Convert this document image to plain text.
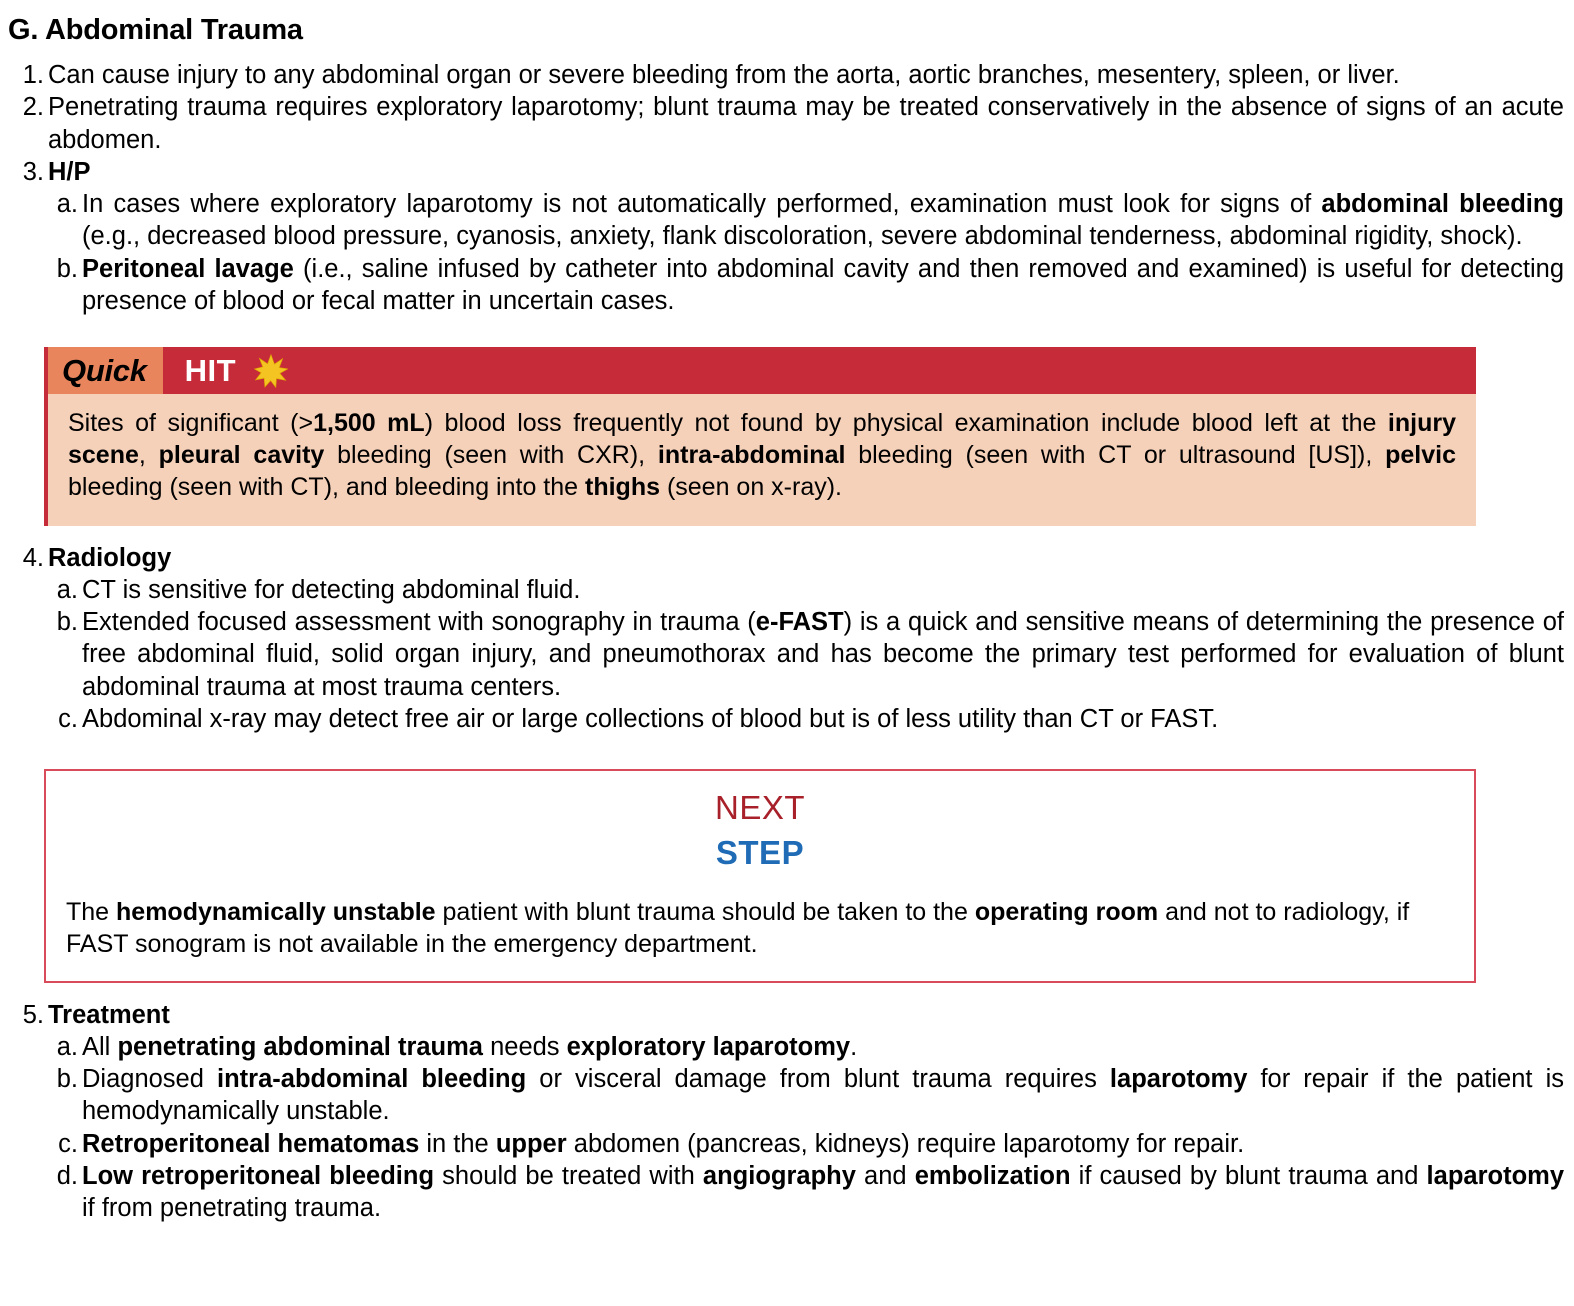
G. Abdominal Trauma
1. Can cause injury to any abdominal organ or severe bleeding from the aorta, aortic branches, mesentery, spleen, or liver.
2. Penetrating trauma requires exploratory laparotomy; blunt trauma may be treated conservatively in the absence of signs of an acute abdomen.
3. H/P
a. In cases where exploratory laparotomy is not automatically performed, examination must look for signs of abdominal bleeding (e.g., decreased blood pressure, cyanosis, anxiety, flank discoloration, severe abdominal tenderness, abdominal rigidity, shock).
b. Peritoneal lavage (i.e., saline infused by catheter into abdominal cavity and then removed and examined) is useful for detecting presence of blood or fecal matter in uncertain cases.
Quick	HIT
Sites of significant (>1,500 mL) blood loss frequently not found by physical examination include blood left at the injury scene, pleural cavity bleeding (seen with CXR), intra-abdominal bleeding (seen with CT or ultrasound [US]), pelvic bleeding (seen with CT), and bleeding into the thighs (seen on x-ray).
4. Radiology
a. CT is sensitive for detecting abdominal fluid.
b. Extended focused assessment with sonography in trauma (e-FAST) is a quick and sensitive means of determining the presence of free abdominal fluid, solid organ injury, and pneumothorax and has become the primary test performed for evaluation of blunt abdominal trauma at most trauma centers.
c. Abdominal x-ray may detect free air or large collections of blood but is of less utility than CT or FAST.
NEXT
STEP
The hemodynamically unstable patient with blunt trauma should be taken to the operating room and not to radiology, if FAST sonogram is not available in the emergency department.
5. Treatment
a. All penetrating abdominal trauma needs exploratory laparotomy.
b. Diagnosed intra-abdominal bleeding or visceral damage from blunt trauma requires laparotomy for repair if the patient is hemodynamically unstable.
c. Retroperitoneal hematomas in the upper abdomen (pancreas, kidneys) require laparotomy for repair.
d. Low retroperitoneal bleeding should be treated with angiography and embolization if caused by blunt trauma and laparotomy if from penetrating trauma.
